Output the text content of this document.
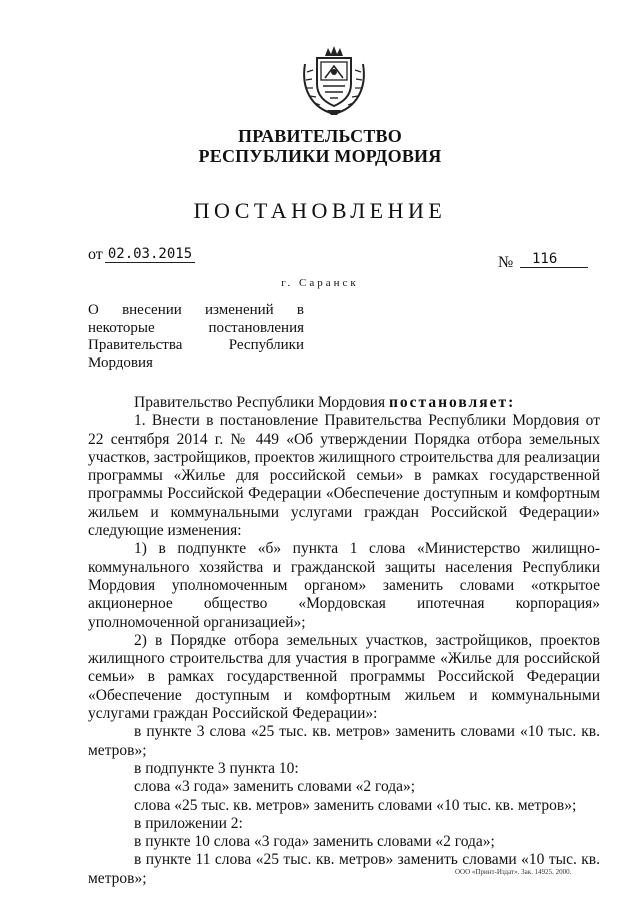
ПРАВИТЕЛЬСТВО
РЕСПУБЛИКИ МОРДОВИЯ
ПОСТАНОВЛЕНИЕ
от 02.03.2015	№	116
г. Саранск
О внесении изменений в
некоторые постановления
Правительства Республики
Мордовия

Правительство Республики Мордовия постановляет:

1. Внести в постановление Правительства Республики Мордовия от 22 сентября 2014 г. № 449 «Об утверждении Порядка отбора земельных участков, застройщиков, проектов жилищного строительства для реализации программы «Жилье для российской семьи» в рамках государственной программы Российской Федерации «Обеспечение доступным и комфортным жильем и коммунальными услугами граждан Российской Федерации» следующие изменения:

1) в подпункте «б» пункта 1 слова «Министерство жилищно-коммунального хозяйства и гражданской защиты населения Республики Мордовия уполномоченным органом» заменить словами «открытое акционерное общество «Мордовская ипотечная корпорация» уполномоченной организацией»;

2) в Порядке отбора земельных участков, застройщиков, проектов жилищного строительства для участия в программе «Жилье для российской семьи» в рамках государственной программы Российской Федерации «Обеспечение доступным и комфортным жильем и коммунальными услугами граждан Российской Федерации»:

в пункте 3 слова «25 тыс. кв. метров» заменить словами «10 тыс. кв. метров»;

в подпункте 3 пункта 10:

слова «3 года» заменить словами «2 года»;

слова «25 тыс. кв. метров» заменить словами «10 тыс. кв. метров»;

в приложении 2:

в пункте 10 слова «3 года» заменить словами «2 года»;

в пункте 11 слова «25 тыс. кв. метров» заменить словами «10 тыс. кв. метров»;	ООО «Принт-Издат». Зак. 14925. 2000.
